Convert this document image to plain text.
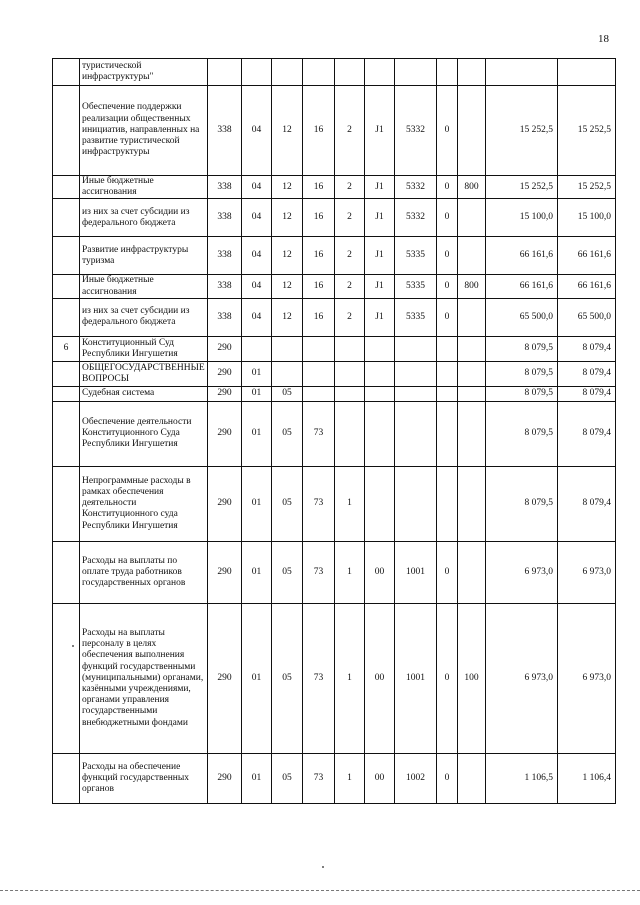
18
	туристической инфраструктуры"											
	Обеспечение поддержки реализации общественных инициатив, направленных на развитие туристической инфраструктуры	338	04	12	16	2	J1	5332	0		15 252,5	15 252,5
	Иные бюджетные ассигнования	338	04	12	16	2	J1	5332	0	800	15 252,5	15 252,5
	из них за счет субсидии из федерального бюджета	338	04	12	16	2	J1	5332	0		15 100,0	15 100,0
	Развитие инфраструктуры туризма	338	04	12	16	2	J1	5335	0		66 161,6	66 161,6
	Иные бюджетные ассигнования	338	04	12	16	2	J1	5335	0	800	66 161,6	66 161,6
	из них за счет субсидии из федерального бюджета	338	04	12	16	2	J1	5335	0		65 500,0	65 500,0
6	Конституционный Суд Республики Ингушетия	290									8 079,5	8 079,4
	ОБЩЕГОСУДАРСТВЕННЫЕ ВОПРОСЫ	290	01								8 079,5	8 079,4
	Судебная система	290	01	05							8 079,5	8 079,4
	Обеспечение деятельности Конституционного Суда Республики Ингушетия	290	01	05	73						8 079,5	8 079,4
	Непрограммные расходы в рамках обеспечения деятельности Конституционного суда Республики Ингушетия	290	01	05	73	1					8 079,5	8 079,4
	Расходы на выплаты по оплате труда работников государственных органов	290	01	05	73	1	00	1001	0		6 973,0	6 973,0
	Расходы на выплаты персоналу в целях обеспечения выполнения функций государственными (муниципальными) органами, казёнными учреждениями, органами управления государственными внебюджетными фондами	290	01	05	73	1	00	1001	0	100	6 973,0	6 973,0
	Расходы на обеспечение функций государственных органов	290	01	05	73	1	00	1002	0		1 106,5	1 106,4
